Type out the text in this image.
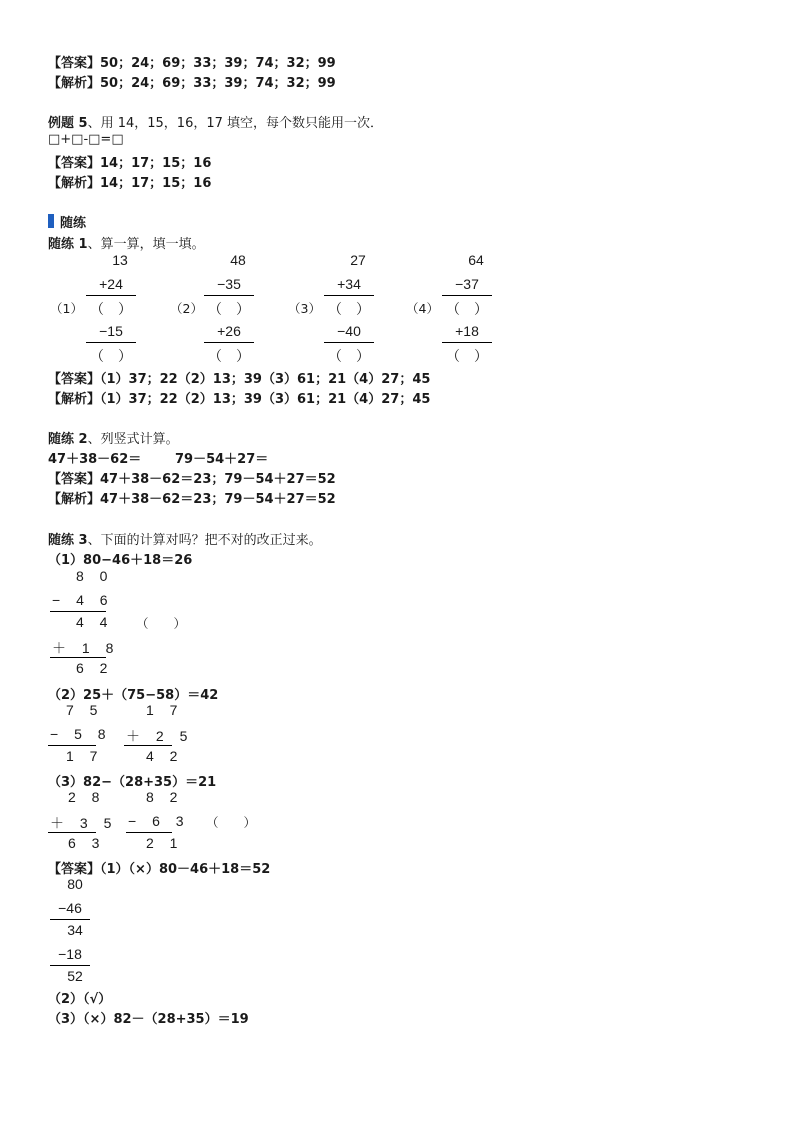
【答案】50；24；69；33；39；74；32；99
【解析】50；24；69；33；39；74；32；99
例题 5、用 14，15，16，17 填空，每个数只能用一次．
□+□-□=□
【答案】14；17；15；16
【解析】14；17；15；16
随练
随练 1、算一算，填一填。
13
+24
（1） （　）
−15
（　）
48
−35
（2） （　）
+26
（　）
27
+34
（3） （　）
−40
（　）
64
−37
（4） （　）
+18
（　）
【答案】（1）37；22（2）13；39（3）61；21（4）27；45
【解析】（1）37；22（2）13；39（3）61；21（4）27；45
随练 2、列竖式计算。
47＋38－62＝	79－54＋27＝
【答案】47＋38－62＝23；79－54＋27＝52
【解析】47＋38－62＝23；79－54＋27＝52
随练 3、下面的计算对吗？把不对的改正过来。
（1）80−46＋18＝26
8 0
− 4 6
4 4 （　　）
＋ 1 8
6 2
（2）25＋（75−58）＝42
7 5
− 5 8
1 7
1 7
＋ 2 5
4 2
（3）82−（28+35）＝21
2 8
＋ 3 5
6 3
8 2
− 6 3
2 1
（　　）
【答案】（1）（×）80－46＋18＝52
80
−46
34
−18
52
（2）（√）
（3）（×）82－（28+35）＝19
